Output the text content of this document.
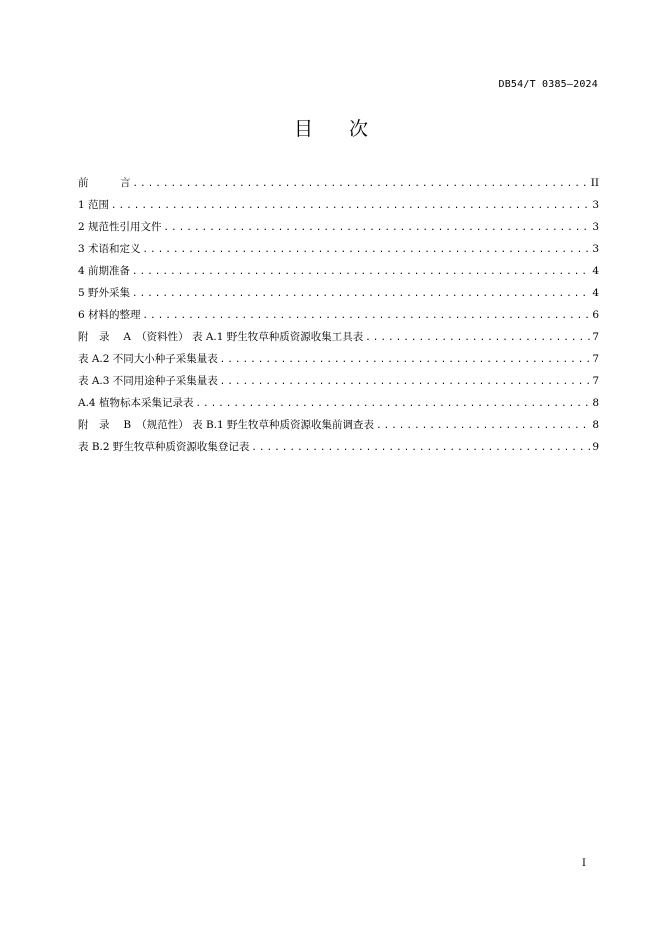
DB54/T 0385—2024
目 次
前　　　言 .....	II
1 范围 .....	3
2 规范性引用文件 .....	3
3 术语和定义 .....	3
4 前期准备 .....	4
5 野外采集 .....	4
6 材料的整理 .....	6
附　录　 A　（资料性） 表 A.1 野生牧草种质资源收集工具表 .....	7
表 A.2 不同大小种子采集量表 .....	7
表 A.3 不同用途种子采集量表 .....	7
A.4 植物标本采集记录表 .....	8
附　录　 B　（规范性） 表 B.1 野生牧草种质资源收集前调查表 .....	8
表 B.2 野生牧草种质资源收集登记表 .....	9
I
